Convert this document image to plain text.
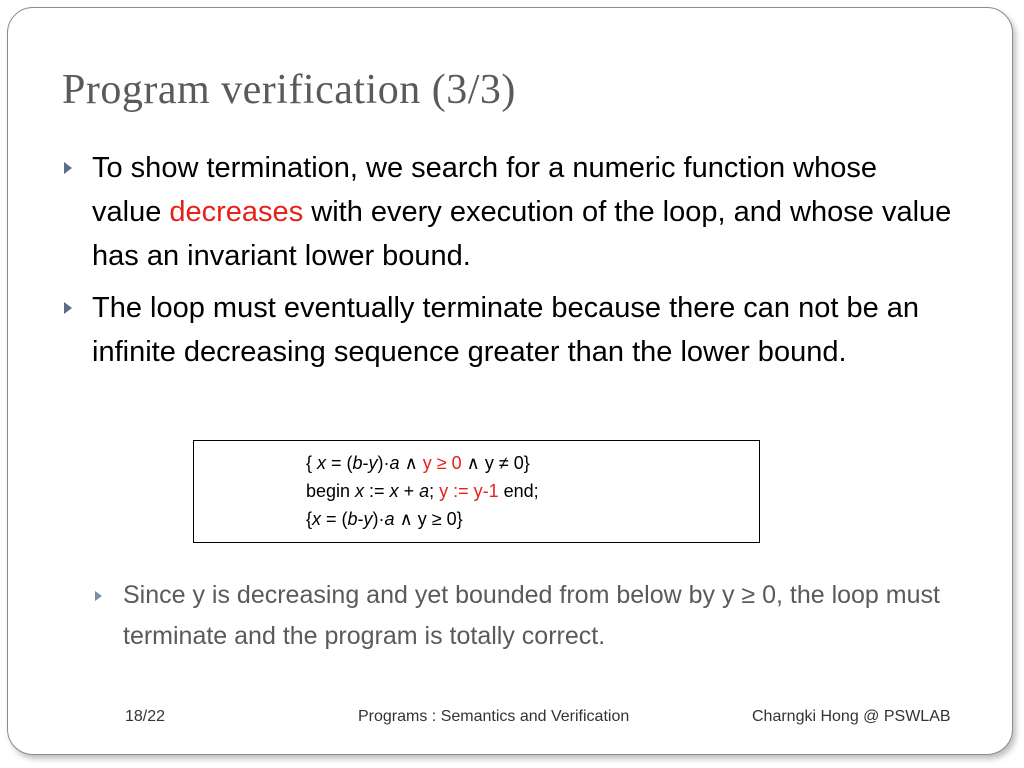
Program verification (3/3)
To show termination, we search for a numeric function whose value decreases with every execution of the loop, and whose value has an invariant lower bound.
The loop must eventually terminate because there can not be an infinite decreasing sequence greater than the lower bound.
{ x = (b-y)·a ∧ y ≥ 0 ∧ y ≠ 0}
begin x := x + a; y := y-1 end;
{x = (b-y)·a ∧ y ≥ 0}
Since y is decreasing and yet bounded from below by y ≥ 0, the loop must terminate and the program is totally correct.
18/22	Programs : Semantics and Verification	Charngki Hong @ PSWLAB
